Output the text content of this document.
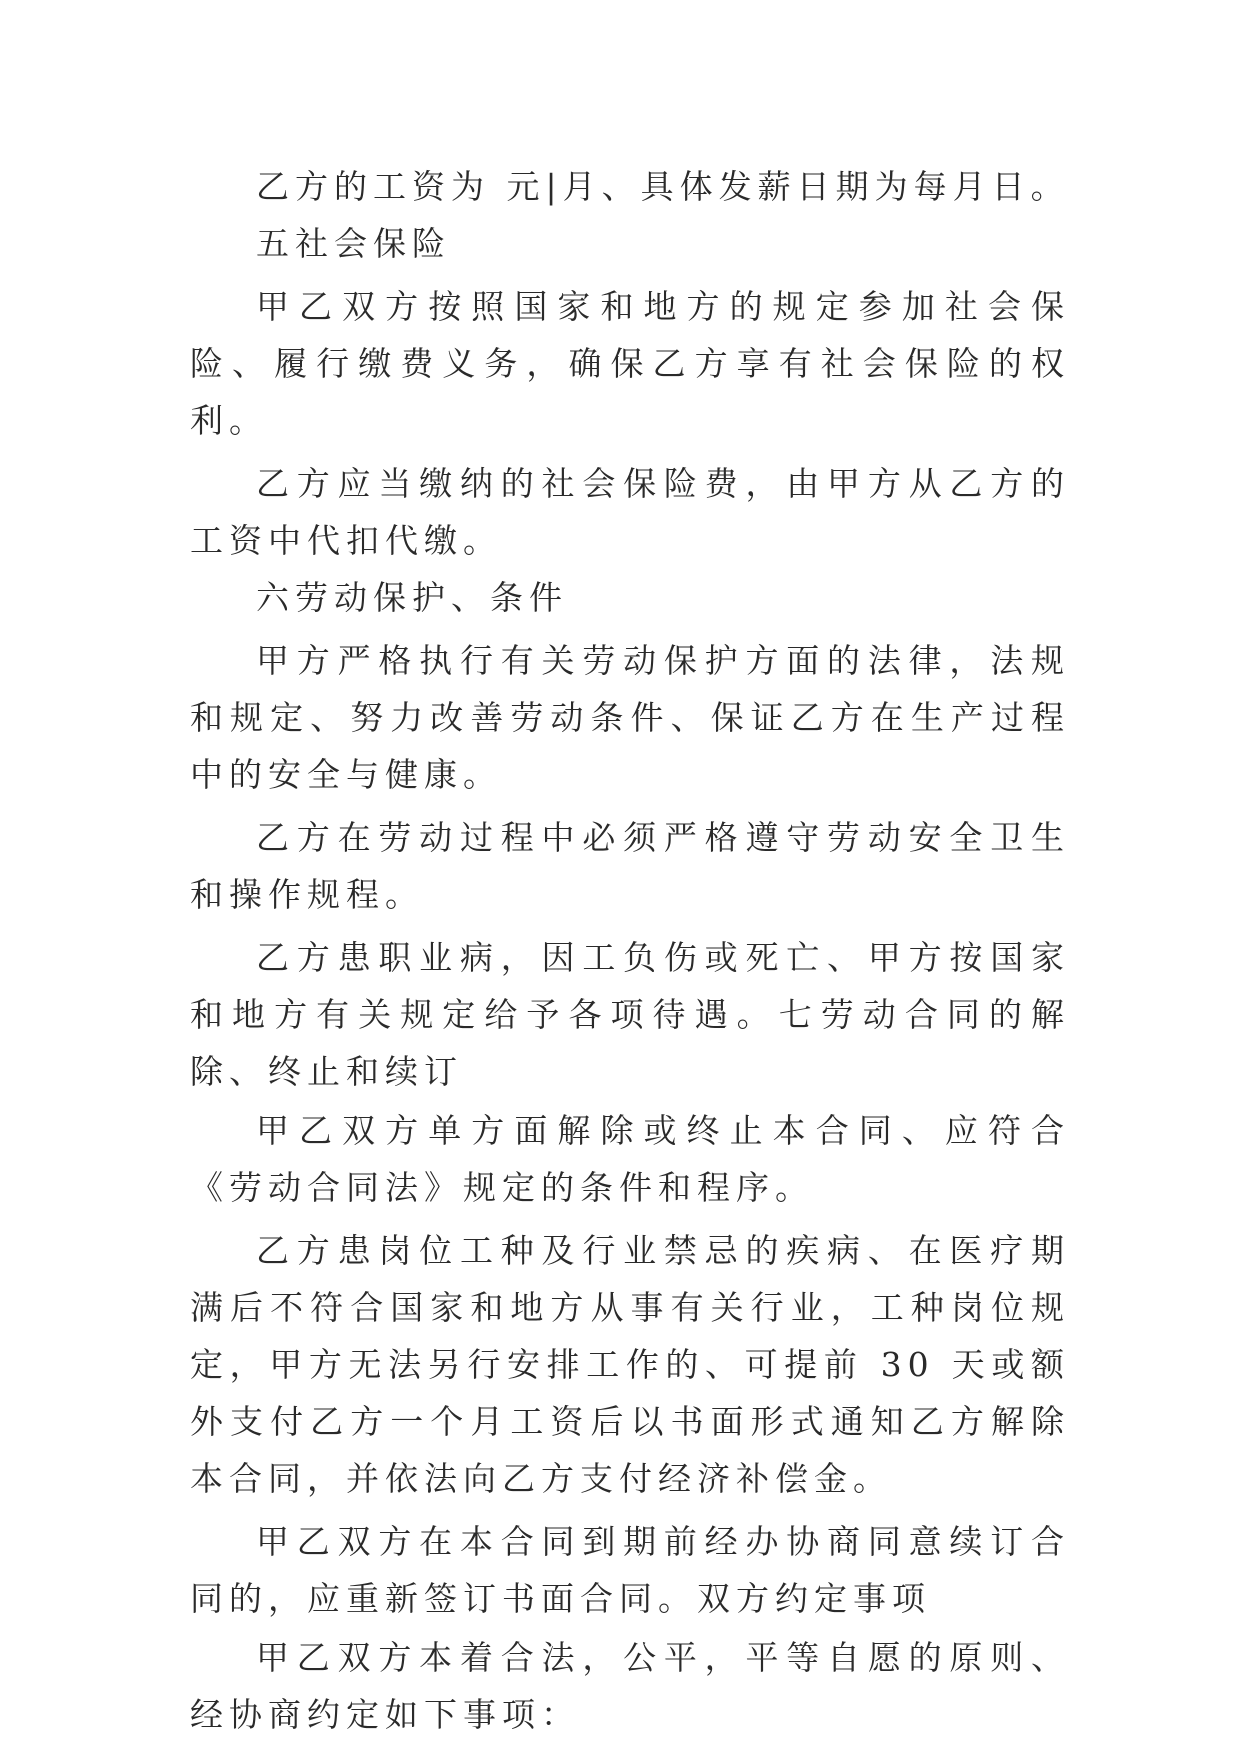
乙方的工资为 元|月、具体发薪日期为每月日。

五社会保险

甲乙双方按照国家和地方的规定参加社会保险、履行缴费义务，确保乙方享有社会保险的权利。

乙方应当缴纳的社会保险费，由甲方从乙方的工资中代扣代缴。

六劳动保护、条件

甲方严格执行有关劳动保护方面的法律，法规和规定、努力改善劳动条件、保证乙方在生产过程中的安全与健康。

乙方在劳动过程中必须严格遵守劳动安全卫生和操作规程。

乙方患职业病，因工负伤或死亡、甲方按国家和地方有关规定给予各项待遇。七劳动合同的解除、终止和续订

甲乙双方单方面解除或终止本合同、应符合《劳动合同法》规定的条件和程序。

乙方患岗位工种及行业禁忌的疾病、在医疗期满后不符合国家和地方从事有关行业，工种岗位规定，甲方无法另行安排工作的、可提前 30 天或额外支付乙方一个月工资后以书面形式通知乙方解除本合同，并依法向乙方支付经济补偿金。

甲乙双方在本合同到期前经办协商同意续订合同的，应重新签订书面合同。双方约定事项

甲乙双方本着合法，公平，平等自愿的原则、经协商约定如下事项：
